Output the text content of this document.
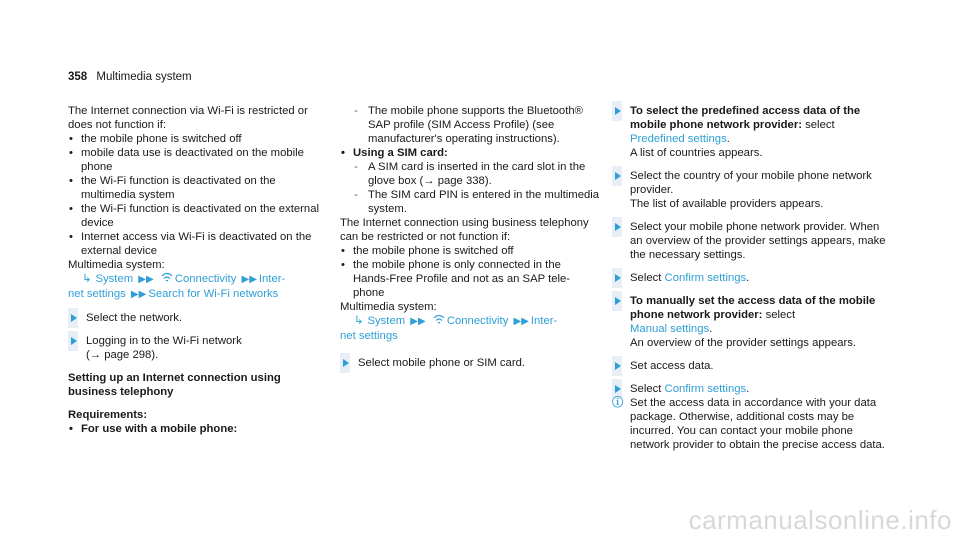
358 Multimedia system

The Internet connection via Wi‑Fi is restricted or does not function if:

• the mobile phone is switched off
• mobile data use is deactivated on the mobile phone
• the Wi‑Fi function is deactivated on the multimedia system
• the Wi‑Fi function is deactivated on the external device
• Internet access via Wi‑Fi is deactivated on the external device

Multimedia system:

↳ System ▶▶ Connectivity ▶▶ Inter-
net settings ▶▶ Search for Wi-Fi networks
Select the network.
Logging in to the Wi‑Fi network
(→ page 298).

Setting up an Internet connection using business telephony

Requirements:

• For use with a mobile phone:
- The mobile phone supports the Bluetooth® SAP profile (SIM Access Profile) (see manufacturer's operating instructions).
• Using a SIM card:
- A SIM card is inserted in the card slot in the glove box (→ page 338).
- The SIM card PIN is entered in the multimedia system.

The Internet connection using business telephony can be restricted or not function if:

• the mobile phone is switched off
• the mobile phone is only connected in the Hands‑Free Profile and not as an SAP tele- phone

Multimedia system:

↳ System ▶▶ Connectivity ▶▶ Inter-
net settings
Select mobile phone or SIM card.
To select the predefined access data of the mobile phone network provider: select
Predefined settings.
A list of countries appears.
Select the country of your mobile phone network provider.
The list of available providers appears.
Select your mobile phone network provider. When an overview of the provider settings appears, make the necessary settings.
Select Confirm settings.
To manually set the access data of the mobile phone network provider: select
Manual settings.
An overview of the provider settings appears.
Set access data.
Select Confirm settings.
ⓘ Set the access data in accordance with your data package. Otherwise, additional costs may be incurred. You can contact your mobile phone network provider to obtain the precise access data.
carmanualsonline.info
